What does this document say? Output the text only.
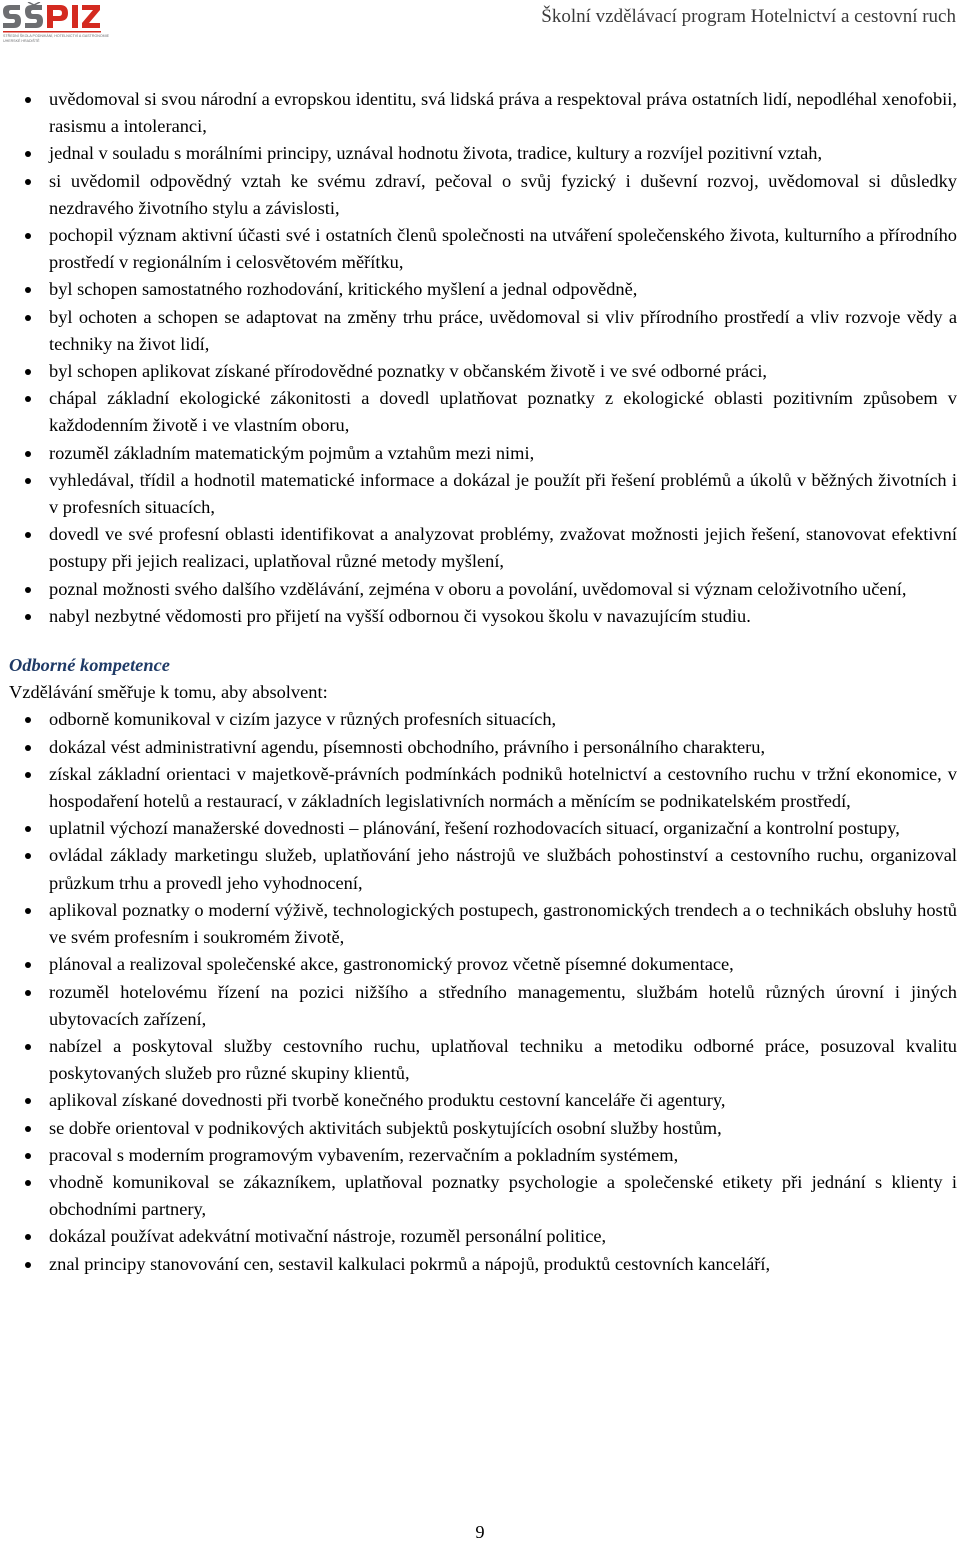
STŘEDNÍ ŠKOLA PODNIKÁNÍ, HOTELNICTVÍ A GASTRONOMIE
UHERSKÉ HRADIŠTĚ
Školní vzdělávací program Hotelnictví a cestovní ruch
uvědomoval si svou národní a evropskou identitu, svá lidská práva a respektoval práva ostatních lidí, nepodléhal xenofobii, rasismu a intoleranci,
jednal v souladu s morálními principy, uznával hodnotu života, tradice, kultury a rozvíjel pozitivní vztah,
si uvědomil odpovědný vztah ke svému zdraví, pečoval o svůj fyzický i duševní rozvoj, uvědomoval si důsledky nezdravého životního stylu a závislosti,
pochopil význam aktivní účasti své i ostatních členů společnosti na utváření společenského života, kulturního a přírodního prostředí v regionálním i celosvětovém měřítku,
byl schopen samostatného rozhodování, kritického myšlení a jednal odpovědně,
byl ochoten a schopen se adaptovat na změny trhu práce, uvědomoval si vliv přírodního prostředí a vliv rozvoje vědy a techniky na život lidí,
byl schopen aplikovat získané přírodovědné poznatky v občanském životě i ve své odborné práci,
chápal základní ekologické zákonitosti a dovedl uplatňovat poznatky z ekologické oblasti pozitivním způsobem v každodenním životě i ve vlastním oboru,
rozuměl základním matematickým pojmům a vztahům mezi nimi,
vyhledával, třídil a hodnotil matematické informace a dokázal je použít při řešení problémů a úkolů v běžných životních i v profesních situacích,
dovedl ve své profesní oblasti identifikovat a analyzovat problémy, zvažovat možnosti jejich řešení, stanovovat efektivní postupy při jejich realizaci, uplatňoval různé metody myšlení,
poznal možnosti svého dalšího vzdělávání, zejména v oboru a povolání, uvědomoval si význam celoživotního učení,
nabyl nezbytné vědomosti pro přijetí na vyšší odbornou či vysokou školu v navazujícím studiu.
Odborné kompetence
Vzdělávání směřuje k tomu, aby absolvent:
odborně komunikoval v cizím jazyce v různých profesních situacích,
dokázal vést administrativní agendu, písemnosti obchodního, právního i personálního charakteru,
získal základní orientaci v majetkově-právních podmínkách podniků hotelnictví a cestovního ruchu v tržní ekonomice, v hospodaření hotelů a restaurací, v základních legislativních normách a měnícím se podnikatelském prostředí,
uplatnil výchozí manažerské dovednosti – plánování, řešení rozhodovacích situací, organizační a kontrolní postupy,
ovládal základy marketingu služeb, uplatňování jeho nástrojů ve službách pohostinství a cestovního ruchu, organizoval průzkum trhu a provedl jeho vyhodnocení,
aplikoval poznatky o moderní výživě, technologických postupech, gastronomických trendech a o technikách obsluhy hostů ve svém profesním i soukromém životě,
plánoval a realizoval společenské akce, gastronomický provoz včetně písemné dokumentace,
rozuměl hotelovému řízení na pozici nižšího a středního managementu, službám hotelů různých úrovní i jiných ubytovacích zařízení,
nabízel a poskytoval služby cestovního ruchu, uplatňoval techniku a metodiku odborné práce, posuzoval kvalitu poskytovaných služeb pro různé skupiny klientů,
aplikoval získané dovednosti při tvorbě konečného produktu cestovní kanceláře či agentury,
se dobře orientoval v podnikových aktivitách subjektů poskytujících osobní služby hostům,
pracoval s moderním programovým vybavením, rezervačním a pokladním systémem,
vhodně komunikoval se zákazníkem, uplatňoval poznatky psychologie a společenské etikety při jednání s klienty i obchodními partnery,
dokázal používat adekvátní motivační nástroje, rozuměl personální politice,
znal principy stanovování cen, sestavil kalkulaci pokrmů a nápojů, produktů cestovních kanceláří,
9
